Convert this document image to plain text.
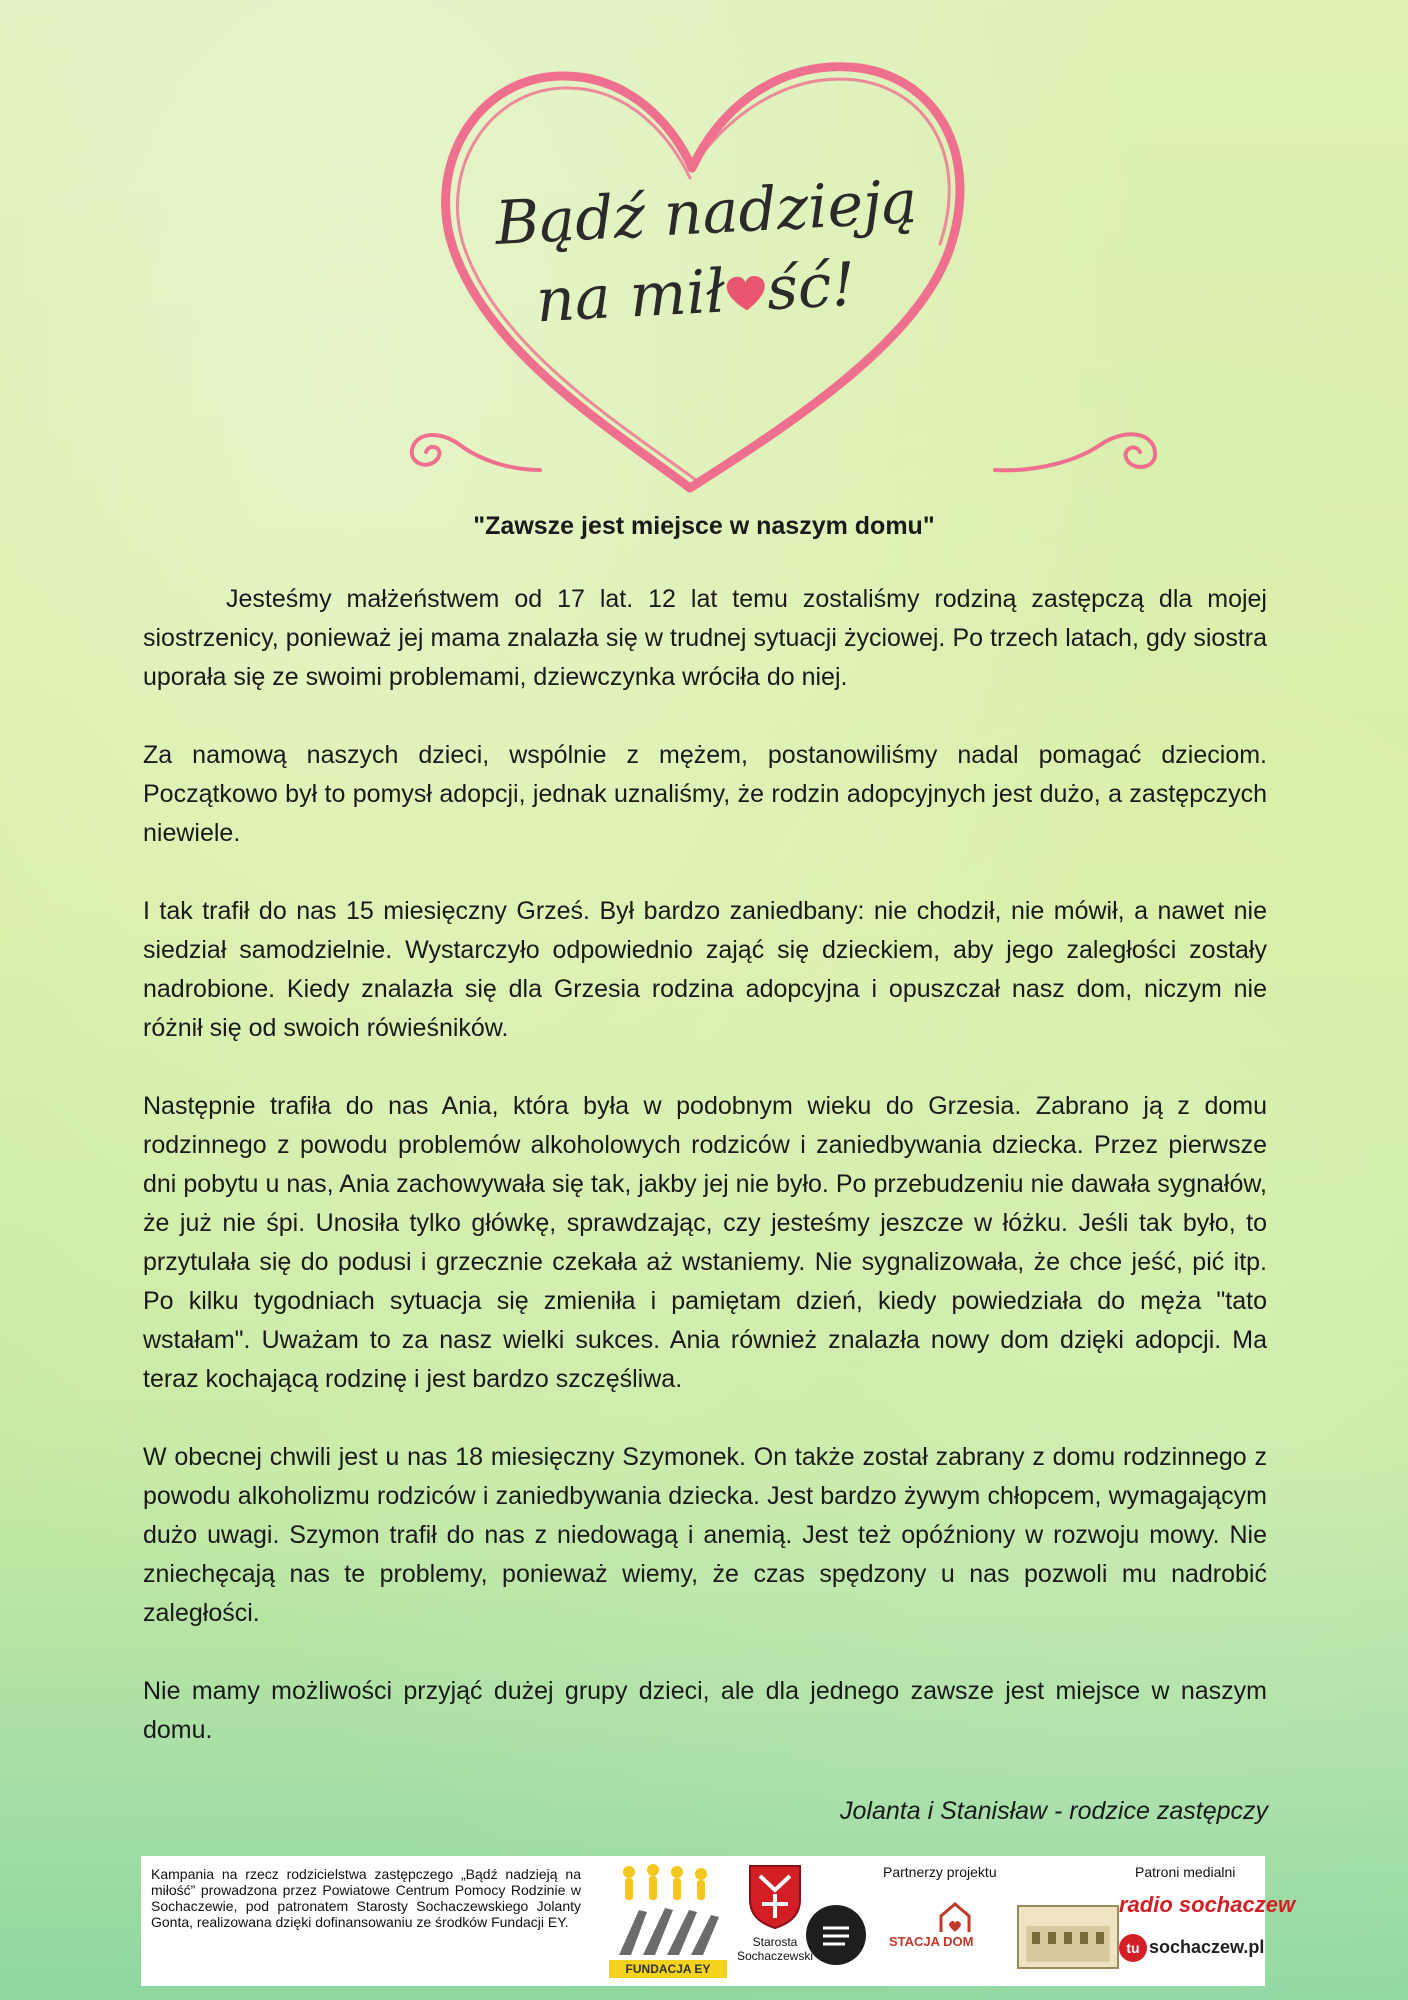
Bądź nadzieją
na mił ść!
"Zawsze jest miejsce w naszym domu"

Jesteśmy małżeństwem od 17 lat. 12 lat temu zostaliśmy rodziną zastępczą dla mojej siostrzenicy, ponieważ jej mama znalazła się w trudnej sytuacji życiowej. Po trzech latach, gdy siostra uporała się ze swoimi problemami, dziewczynka wróciła do niej.

Za namową naszych dzieci, wspólnie z mężem, postanowiliśmy nadal pomagać dzieciom. Początkowo był to pomysł adopcji, jednak uznaliśmy, że rodzin adopcyjnych jest dużo, a zastępczych niewiele.

I tak trafił do nas 15 miesięczny Grześ. Był bardzo zaniedbany: nie chodził, nie mówił, a nawet nie siedział samodzielnie. Wystarczyło odpowiednio zająć się dzieckiem, aby jego zaległości zostały nadrobione. Kiedy znalazła się dla Grzesia rodzina adopcyjna i opuszczał nasz dom, niczym nie różnił się od swoich rówieśników.

Następnie trafiła do nas Ania, która była w podobnym wieku do Grzesia. Zabrano ją z domu rodzinnego z powodu problemów alkoholowych rodziców i zaniedbywania dziecka. Przez pierwsze dni pobytu u nas, Ania zachowywała się tak, jakby jej nie było. Po przebudzeniu nie dawała sygnałów, że już nie śpi. Unosiła tylko główkę, sprawdzając, czy jesteśmy jeszcze w łóżku. Jeśli tak było, to przytulała się do podusi i grzecznie czekała aż wstaniemy. Nie sygnalizowała, że chce jeść, pić itp. Po kilku tygodniach sytuacja się zmieniła i pamiętam dzień, kiedy powiedziała do męża "tato wstałam". Uważam to za nasz wielki sukces. Ania również znalazła nowy dom dzięki adopcji. Ma teraz kochającą rodzinę i jest bardzo szczęśliwa.

W obecnej chwili jest u nas 18 miesięczny Szymonek. On także został zabrany z domu rodzinnego z powodu alkoholizmu rodziców i zaniedbywania dziecka. Jest bardzo żywym chłopcem, wymagającym dużo uwagi. Szymon trafił do nas z niedowagą i anemią. Jest też opóźniony w rozwoju mowy. Nie zniechęcają nas te problemy, ponieważ wiemy, że czas spędzony u nas pozwoli mu nadrobić zaległości.

Nie mamy możliwości przyjąć dużej grupy dzieci, ale dla jednego zawsze jest miejsce w naszym domu.

Jolanta i Stanisław - rodzice zastępczy
Kampania na rzecz rodzicielstwa zastępczego „Bądź nadzieją na miłość” prowadzona przez Powiatowe Centrum Pomocy Rodzinie w Sochaczewie, pod patronatem Starosty Sochaczewskiego Jolanty Gonta, realizowana dzięki dofinansowaniu ze środków Fundacji EY.
FUNDACJA EY
Starosta
Sochaczewski
Partnerzy projektu	Patroni medialni
STACJA DOM
radio sochaczew
tu sochaczew.pl
